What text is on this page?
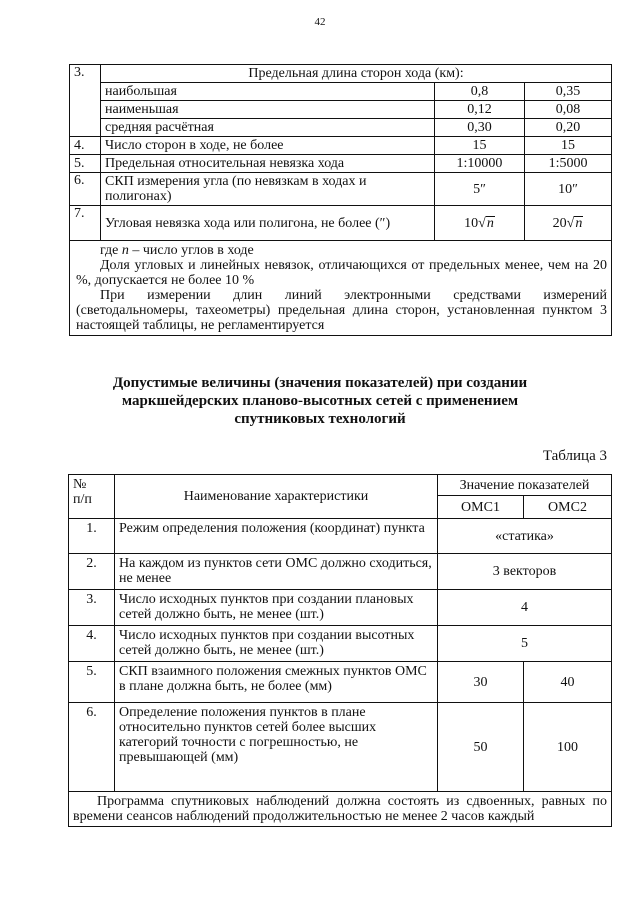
42
3.	Предельная длина сторон хода (км):		
	наибольшая	0,8	0,35
	наименьшая	0,12	0,08
	средняя расчётная	0,30	0,20
4.	Число сторон в ходе, не более	15	15
5.	Предельная относительная невязка хода	1:10000	1:5000
6.	СКП измерения угла (по невязкам в ходах и полигонах)	5″	10″
7.	Угловая невязка хода или полигона, не более (″)	10√n	20√n

где n – число углов в ходе
Доля угловых и линейных невязок, отличающихся от предельных менее, чем на 20 %, допускается не более 10 %
При измерении длин линий электронными средствами измерений (светодальномеры, тахеометры) предельная длина сторон, установленная пунктом 3 настоящей таблицы, не регламентируется			
Допустимые величины (значения показателей) при создании маркшейдерских планово-высотных сетей с применением спутниковых технологий
Таблица 3
№
п/п	Наименование характеристики	Значение показателей	
		ОМС1	ОМС2
1.	Режим определения положения (координат) пункта	«статика»	
2.	На каждом из пунктов сети ОМС должно сходиться, не менее	3 векторов	
3.	Число исходных пунктов при создании плановых сетей должно быть, не менее (шт.)	4	
4.	Число исходных пунктов при создании высотных сетей должно быть, не менее (шт.)	5	
5.	СКП взаимного положения смежных пунктов ОМС в плане должна быть, не более (мм)	30	40
6.	Определение положения пунктов в плане относительно пунктов сетей более высших категорий точности с погрешностью, не превышающей (мм)	50	100

Программа спутниковых наблюдений должна состоять из сдвоенных, равных по времени сеансов наблюдений продолжительностью не менее 2 часов каждый			
